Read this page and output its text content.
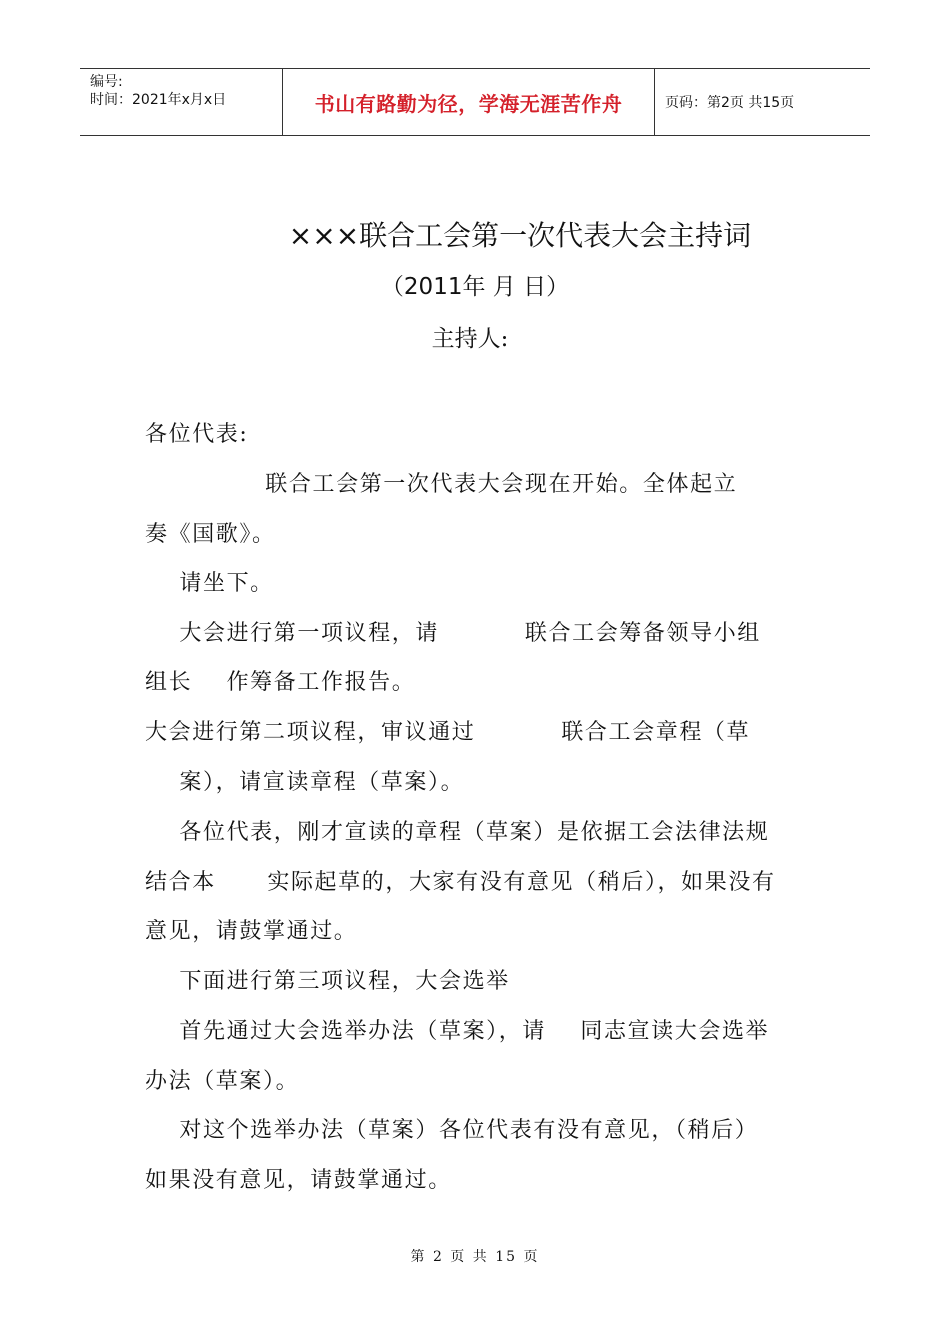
编号:
时间：2021年x月x日	书山有路勤为径，学海无涯苦作舟	页码：第2页 共15页
×××联合工会第一次代表大会主持词
（2011年 月 日）
主持人:
各位代表:
联合工会第一次代表大会现在开始。全体起立
奏《国歌》。
请坐下。
大会进行第一项议程，请          联合工会筹备领导小组
组长    作筹备工作报告。
大会进行第二项议程，审议通过          联合工会章程（草
案），请宣读章程（草案）。
各位代表，刚才宣读的章程（草案）是依据工会法律法规
结合本      实际起草的，大家有没有意见（稍后），如果没有
意见，请鼓掌通过。
下面进行第三项议程，大会选举
首先通过大会选举办法（草案），请    同志宣读大会选举
办法（草案）。
对这个选举办法（草案）各位代表有没有意见，（稍后）
如果没有意见，请鼓掌通过。
第 2 页 共 15 页
